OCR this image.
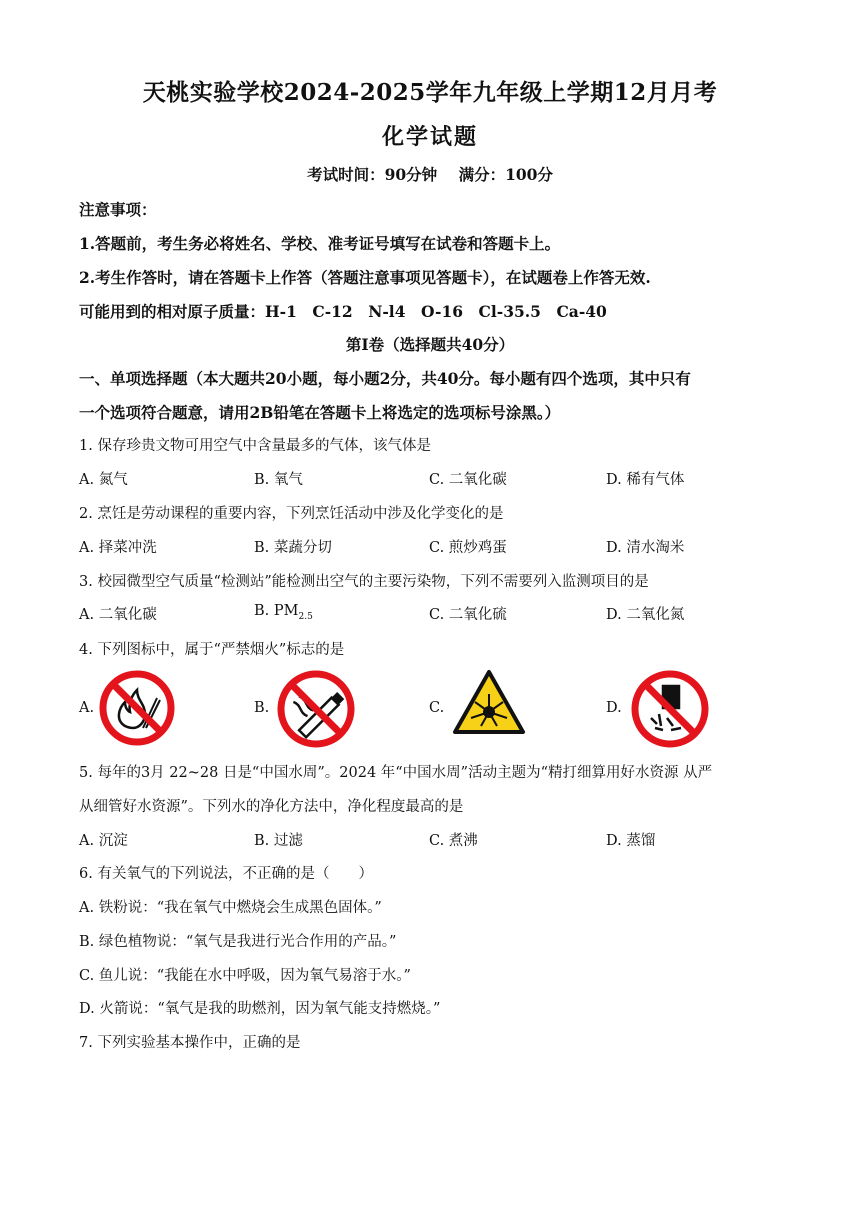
天桃实验学校2024-2025学年九年级上学期12月月考
化学试题
考试时间：90分钟 满分：100分
注意事项：
1.答题前，考生务必将姓名、学校、准考证号填写在试卷和答题卡上。
2.考生作答时，请在答题卡上作答（答题注意事项见答题卡），在试题卷上作答无效.
可能用到的相对原子质量：H-1　C-12　N-l4　O-16　Cl-35.5　Ca-40
第I卷（选择题共40分）
一、单项选择题（本大题共20小题，每小题2分，共40分。每小题有四个选项，其中只有
一个选项符合题意，请用2B铅笔在答题卡上将选定的选项标号涂黑。）
1. 保存珍贵文物可用空气中含量最多的气体，该气体是
A. 氮气	B. 氧气	C. 二氧化碳	D. 稀有气体
2. 烹饪是劳动课程的重要内容，下列烹饪活动中涉及化学变化的是
A. 择菜冲洗	B. 菜蔬分切	C. 煎炒鸡蛋	D. 清水淘米
3. 校园微型空气质量“检测站”能检测出空气的主要污染物，下列不需要列入监测项目的是
A. 二氧化碳	B. $PM_{2.5}$	C. 二氧化硫	D. 二氧化氮
4. 下列图标中，属于“严禁烟火”标志的是
A.	B.	C.	D.
5. 每年的3月 22~28 日是“中国水周”。2024 年“中国水周”活动主题为“精打细算用好水资源 从严
从细管好水资源”。下列水的净化方法中，净化程度最高的是
A. 沉淀	B. 过滤	C. 煮沸	D. 蒸馏
6. 有关氧气的下列说法，不正确的是（　　）
A. 铁粉说：“我在氧气中燃烧会生成黑色固体。”
B. 绿色植物说：“氧气是我进行光合作用的产品。”
C. 鱼儿说：“我能在水中呼吸，因为氧气易溶于水。”
D. 火箭说：“氧气是我的助燃剂，因为氧气能支持燃烧。”
7. 下列实验基本操作中，正确的是
